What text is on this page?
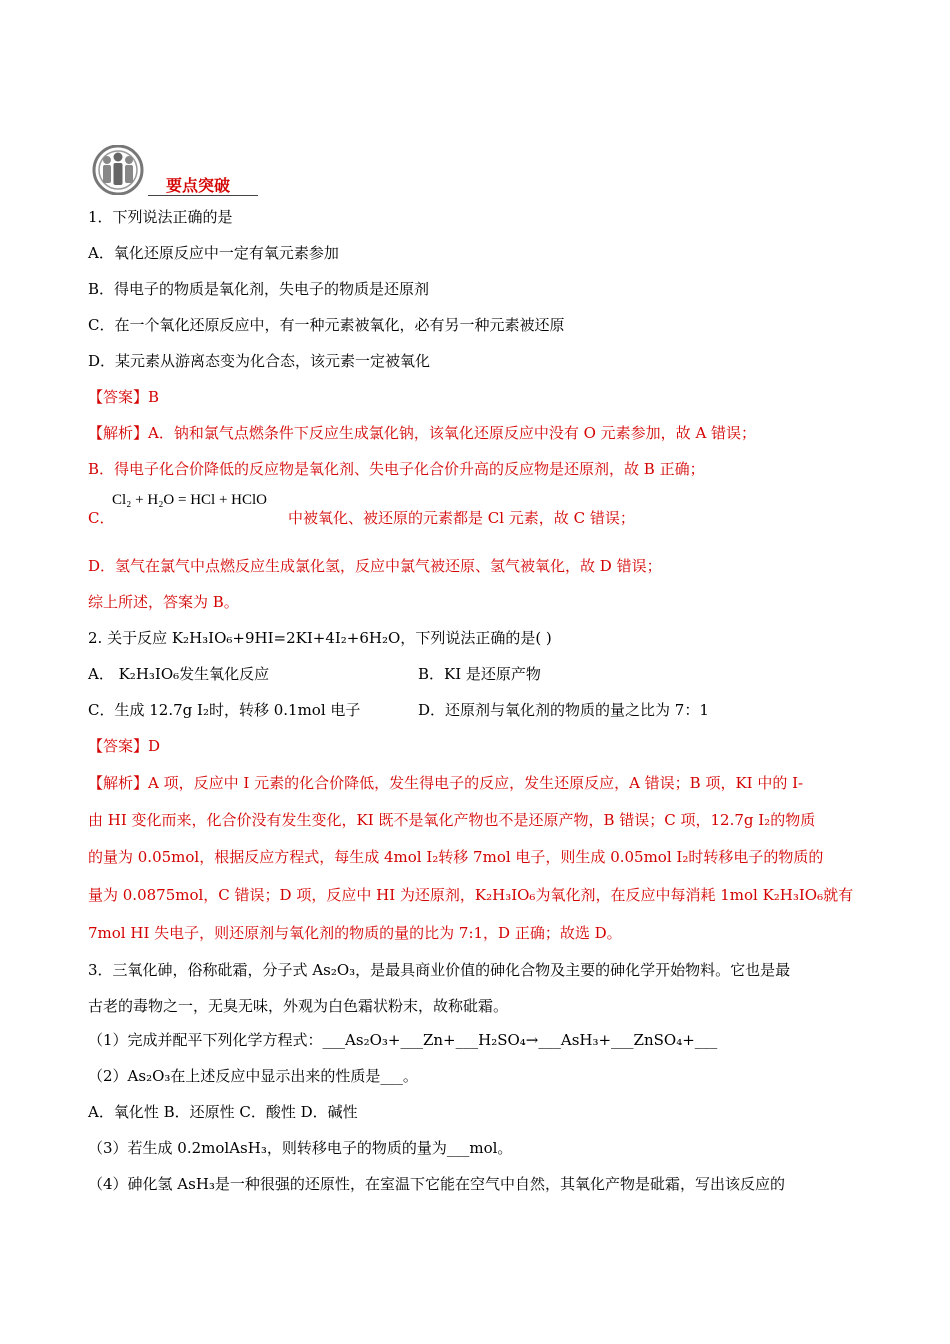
要点突破
1．下列说法正确的是
A．氧化还原反应中一定有氧元素参加
B．得电子的物质是氧化剂，失电子的物质是还原剂
C．在一个氧化还原反应中，有一种元素被氧化，必有另一种元素被还原
D．某元素从游离态变为化合态，该元素一定被氧化
【答案】B
【解析】A．钠和氯气点燃条件下反应生成氯化钠，该氧化还原反应中没有 O 元素参加，故 A 错误；
B．得电子化合价降低的反应物是氧化剂、失电子化合价升高的反应物是还原剂，故 B 正确；
C．
Cl₂ + H₂O = HCl + HClO
中被氧化、被还原的元素都是 Cl 元素，故 C 错误；
D．氢气在氯气中点燃反应生成氯化氢，反应中氯气被还原、氢气被氧化，故 D 错误；
综上所述，答案为 B。
2. 关于反应 K₂H₃IO₆+9HI=2KI+4I₂+6H₂O，下列说法正确的是( )
A． K₂H₃IO₆发生氧化反应	B．KI 是还原产物
C．生成 12.7g I₂时，转移 0.1mol 电子	D．还原剂与氧化剂的物质的量之比为 7：1
【答案】D
【解析】A 项，反应中 I 元素的化合价降低，发生得电子的反应，发生还原反应，A 错误；B 项，KI 中的 I-
由 HI 变化而来，化合价没有发生变化，KI 既不是氧化产物也不是还原产物，B 错误；C 项，12.7g I₂的物质
的量为 0.05mol，根据反应方程式，每生成 4mol I₂转移 7mol 电子，则生成 0.05mol I₂时转移电子的物质的
量为 0.0875mol，C 错误；D 项，反应中 HI 为还原剂，K₂H₃IO₆为氧化剂，在反应中每消耗 1mol K₂H₃IO₆就有
7mol HI 失电子，则还原剂与氧化剂的物质的量的比为 7:1，D 正确；故选 D。
3．三氧化砷，俗称砒霜，分子式 As₂O₃，是最具商业价值的砷化合物及主要的砷化学开始物料。它也是最
古老的毒物之一，无臭无味，外观为白色霜状粉末，故称砒霜。
（1）完成并配平下列化学方程式：___As₂O₃+___Zn+___H₂SO₄→___AsH₃+___ZnSO₄+___
（2）As₂O₃在上述反应中显示出来的性质是___。
A．氧化性 B．还原性 C．酸性 D．碱性
（3）若生成 0.2molAsH₃，则转移电子的物质的量为___mol。
（4）砷化氢 AsH₃是一种很强的还原性，在室温下它能在空气中自然，其氧化产物是砒霜，写出该反应的
